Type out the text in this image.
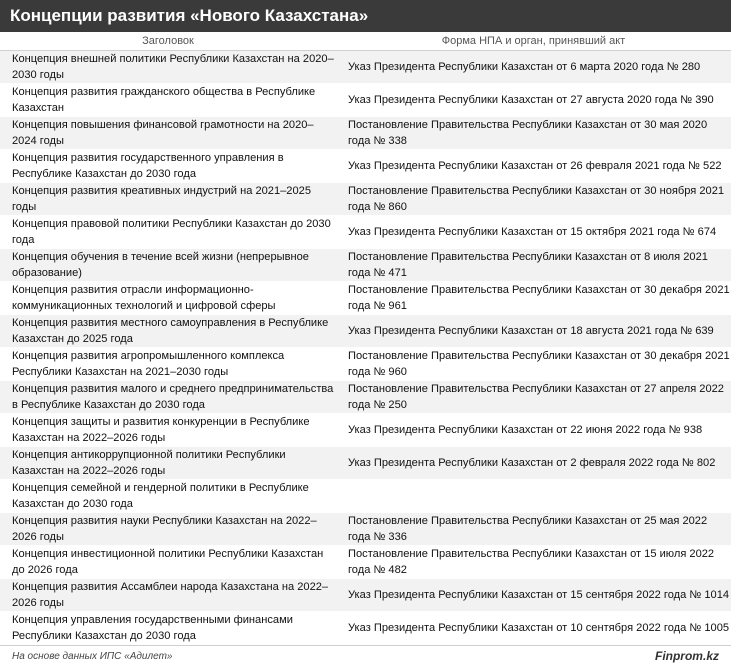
Концепции развития «Нового Казахстана»
Заголовок	Форма НПА и орган, принявший акт
Концепция внешней политики Республики Казахстан на 2020–2030 годы	Указ Президента Республики Казахстан от 6 марта 2020 года № 280
Концепция развития гражданского общества в Республике Казахстан	Указ Президента Республики Казахстан от 27 августа 2020 года № 390
Концепция повышения финансовой грамотности на 2020–2024 годы	Постановление Правительства Республики Казахстан от 30 мая 2020 года № 338
Концепция развития государственного управления в Республике Казахстан до 2030 года	Указ Президента Республики Казахстан от 26 февраля 2021 года № 522
Концепция развития креативных индустрий на 2021–2025 годы	Постановление Правительства Республики Казахстан от 30 ноября 2021 года № 860
Концепция правовой политики Республики Казахстан до 2030 года	Указ Президента Республики Казахстан от 15 октября 2021 года № 674
Концепция обучения в течение всей жизни (непрерывное образование)	Постановление Правительства Республики Казахстан от 8 июля 2021 года № 471
Концепция развития отрасли информационно-коммуникационных технологий и цифровой сферы	Постановление Правительства Республики Казахстан от 30 декабря 2021 года № 961
Концепция развития местного самоуправления в Республике Казахстан до 2025 года	Указ Президента Республики Казахстан от 18 августа 2021 года № 639
Концепция развития агропромышленного комплекса Республики Казахстан на 2021–2030 годы	Постановление Правительства Республики Казахстан от 30 декабря 2021 года № 960
Концепция развития малого и среднего предпринимательства в Республике Казахстан до 2030 года	Постановление Правительства Республики Казахстан от 27 апреля 2022 года № 250
Концепция защиты и развития конкуренции в Республике Казахстан на 2022–2026 годы	Указ Президента Республики Казахстан от 22 июня 2022 года № 938
Концепция антикоррупционной политики Республики Казахстан на 2022–2026 годы	Указ Президента Республики Казахстан от 2 февраля 2022 года № 802
Концепция семейной и гендерной политики в Республике Казахстан до 2030 года	
Концепция развития науки Республики Казахстан на 2022–2026 годы	Постановление Правительства Республики Казахстан от 25 мая 2022 года № 336
Концепция инвестиционной политики Республики Казахстан до 2026 года	Постановление Правительства Республики Казахстан от 15 июля 2022 года № 482
Концепция развития Ассамблеи народа Казахстана на 2022–2026 годы	Указ Президента Республики Казахстан от 15 сентября 2022 года № 1014
Концепция управления государственными финансами Республики Казахстан до 2030 года	Указ Президента Республики Казахстан от 10 сентября 2022 года № 1005
На основе данных ИПС «Адилет»	Finprom.kz
